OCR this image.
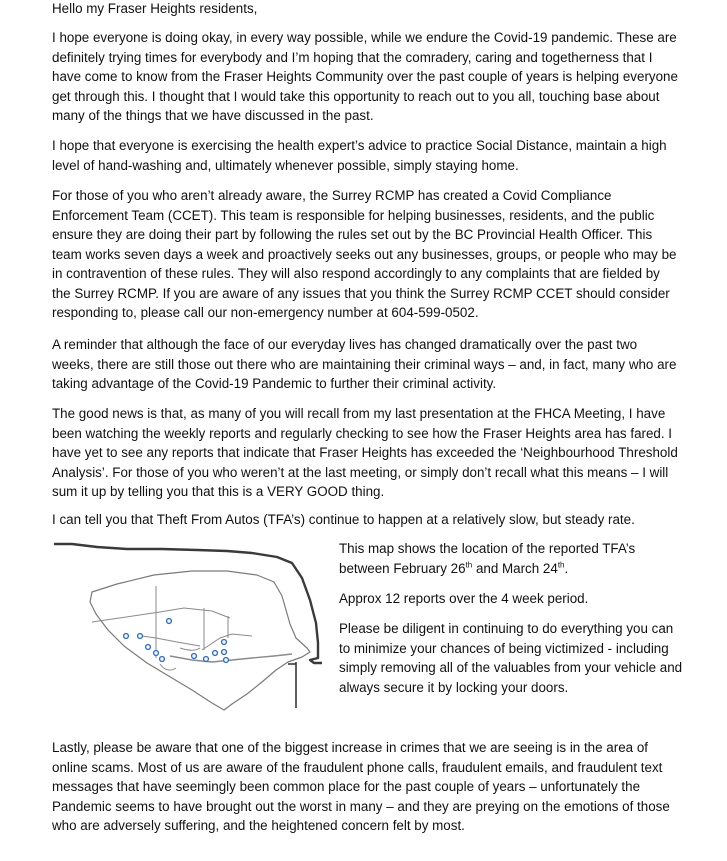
Hello my Fraser Heights residents,

I hope everyone is doing okay, in every way possible, while we endure the Covid-19 pandemic. These are definitely trying times for everybody and I’m hoping that the comradery, caring and togetherness that I have come to know from the Fraser Heights Community over the past couple of years is helping everyone get through this. I thought that I would take this opportunity to reach out to you all, touching base about many of the things that we have discussed in the past.

I hope that everyone is exercising the health expert’s advice to practice Social Distance, maintain a high level of hand-washing and, ultimately whenever possible, simply staying home.

For those of you who aren’t already aware, the Surrey RCMP has created a Covid Compliance Enforcement Team (CCET). This team is responsible for helping businesses, residents, and the public ensure they are doing their part by following the rules set out by the BC Provincial Health Officer. This team works seven days a week and proactively seeks out any businesses, groups, or people who may be in contravention of these rules. They will also respond accordingly to any complaints that are fielded by the Surrey RCMP. If you are aware of any issues that you think the Surrey RCMP CCET should consider responding to, please call our non-emergency number at 604-599-0502.

A reminder that although the face of our everyday lives has changed dramatically over the past two weeks, there are still those out there who are maintaining their criminal ways – and, in fact, many who are taking advantage of the Covid-19 Pandemic to further their criminal activity.

The good news is that, as many of you will recall from my last presentation at the FHCA Meeting, I have been watching the weekly reports and regularly checking to see how the Fraser Heights area has fared. I have yet to see any reports that indicate that Fraser Heights has exceeded the ‘Neighbourhood Threshold Analysis’. For those of you who weren’t at the last meeting, or simply don’t recall what this means – I will sum it up by telling you that this is a VERY GOOD thing.

I can tell you that Theft From Autos (TFA’s) continue to happen at a relatively slow, but steady rate.

This map shows the location of the reported TFA’s
between February 26th and March 24th.

Approx 12 reports over the 4 week period.

Please be diligent in continuing to do everything you can to minimize your chances of being victimized - including simply removing all of the valuables from your vehicle and always secure it by locking your doors.

Lastly, please be aware that one of the biggest increase in crimes that we are seeing is in the area of online scams. Most of us are aware of the fraudulent phone calls, fraudulent emails, and fraudulent text messages that have seemingly been common place for the past couple of years – unfortunately the Pandemic seems to have brought out the worst in many – and they are preying on the emotions of those who are adversely suffering, and the heightened concern felt by most.
